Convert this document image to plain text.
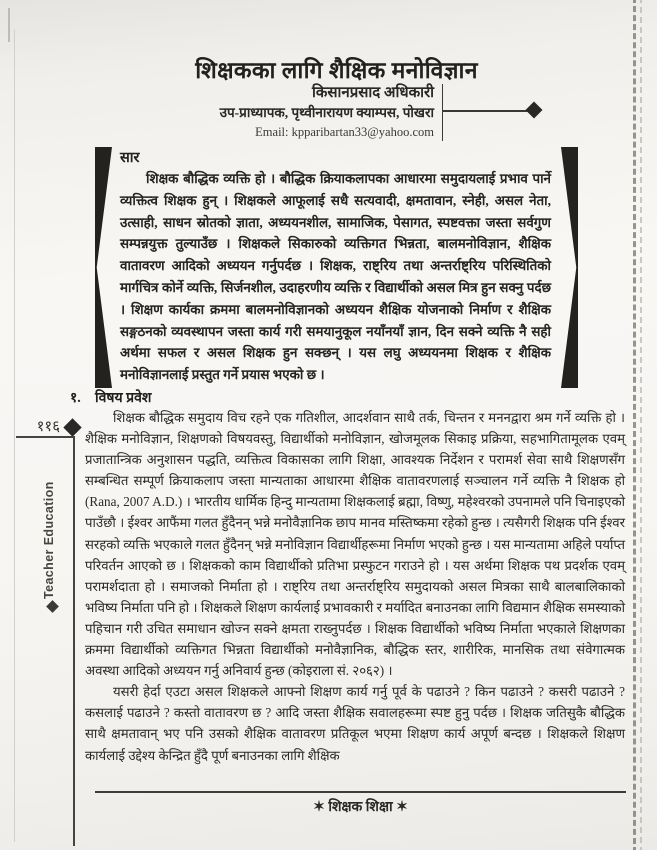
शिक्षकका लागि शैक्षिक मनोविज्ञान
किसानप्रसाद अधिकारी
उप-प्राध्यापक, पृथ्वीनारायण क्याम्पस, पोखरा
Email: kpparibartan33@yahoo.com
सार

शिक्षक बौद्धिक व्यक्ति हो । बौद्धिक क्रियाकलापका आधारमा समुदायलाई प्रभाव पार्ने व्यक्तित्व शिक्षक हुन् । शिक्षकले आफूलाई सधै सत्यवादी, क्षमतावान, स्नेही, असल नेता, उत्साही, साधन स्रोतको ज्ञाता, अध्ययनशील, सामाजिक, पेसागत, स्पष्टवक्ता जस्ता सर्वगुण सम्पन्नयुक्त तुल्याउँछ । शिक्षकले सिकारुको व्यक्तिगत भिन्नता, बालमनोविज्ञान, शैक्षिक वातावरण आदिको अध्ययन गर्नुपर्दछ । शिक्षक, राष्ट्रिय तथा अन्तर्राष्ट्रिय परिस्थितिको मार्गचित्र कोर्ने व्यक्ति, सिर्जनशील, उदाहरणीय व्यक्ति र विद्यार्थीको असल मित्र हुन सक्नु पर्दछ । शिक्षण कार्यका क्रममा बालमनोविज्ञानको अध्ययन शैक्षिक योजनाको निर्माण र शैक्षिक सङ्गठनको व्यवस्थापन जस्ता कार्य गरी समयानुकूल नयाँनयाँ ज्ञान, दिन सक्ने व्यक्ति नै सही अर्थमा सफल र असल शिक्षक हुन सक्छन् । यस लघु अध्ययनमा शिक्षक र शैक्षिक मनोविज्ञानलाई प्रस्तुत गर्ने प्रयास भएको छ ।

१.	विषय प्रवेश

शिक्षक बौद्धिक समुदाय विच रहने एक गतिशील, आदर्शवान साथै तर्क, चिन्तन र मननद्वारा श्रम गर्ने व्यक्ति हो । शैक्षिक मनोविज्ञान, शिक्षणको विषयवस्तु, विद्यार्थीको मनोविज्ञान, खोजमूलक सिकाइ प्रक्रिया, सहभागितामूलक एवम् प्रजातान्त्रिक अनुशासन पद्धति, व्यक्तित्व विकासका लागि शिक्षा, आवश्यक निर्देशन र परामर्श सेवा साथै शिक्षणसँग सम्बन्धित सम्पूर्ण क्रियाकलाप जस्ता मान्यताका आधारमा शैक्षिक वातावरणलाई सञ्चालन गर्ने व्यक्ति नै शिक्षक हो (Rana, 2007 A.D.) । भारतीय धार्मिक हिन्दु मान्यतामा शिक्षकलाई ब्रह्मा, विष्णु, महेश्वरको उपनामले पनि चिनाइएको पाउँछौ । ईश्वर आफैंमा गलत हुँदैनन् भन्ने मनोवैज्ञानिक छाप मानव मस्तिष्कमा रहेको हुन्छ । त्यसैगरी शिक्षक पनि ईश्वर सरहको व्यक्ति भएकाले गलत हुँदैनन् भन्ने मनोविज्ञान विद्यार्थीहरूमा निर्माण भएको हुन्छ । यस मान्यतामा अहिले पर्याप्त परिवर्तन आएको छ । शिक्षकको काम विद्यार्थीको प्रतिभा प्रस्फुटन गराउने हो । यस अर्थमा शिक्षक पथ प्रदर्शक एवम् परामर्शदाता हो । समाजको निर्माता हो । राष्ट्रिय तथा अन्तर्राष्ट्रिय समुदायको असल मित्रका साथै बालबालिकाको भविष्य निर्माता पनि हो । शिक्षकले शिक्षण कार्यलाई प्रभावकारी र मर्यादित बनाउनका लागि विद्यमान शैक्षिक समस्याको पहिचान गरी उचित समाधान खोज्न सक्ने क्षमता राख्नुपर्दछ । शिक्षक विद्यार्थीको भविष्य निर्माता भएकाले शिक्षणका क्रममा विद्यार्थीको व्यक्तिगत भिन्नता विद्यार्थीको मनोवैज्ञानिक, बौद्धिक स्तर, शारीरिक, मानसिक तथा संवेगात्मक अवस्था आदिको अध्ययन गर्नु अनिवार्य हुन्छ (कोइराला सं. २०६२) ।

यसरी हेर्दा एउटा असल शिक्षकले आफ्नो शिक्षण कार्य गर्नु पूर्व के पढाउने ? किन पढाउने ? कसरी पढाउने ? कसलाई पढाउने ? कस्तो वातावरण छ ? आदि जस्ता शैक्षिक सवालहरूमा स्पष्ट हुनु पर्दछ । शिक्षक जतिसुकै बौद्धिक साथै क्षमतावान् भए पनि उसको शैक्षिक वातावरण प्रतिकूल भएमा शिक्षण कार्य अपूर्ण बन्दछ । शिक्षकले शिक्षण कार्यलाई उद्देश्य केन्द्रित हुँदै पूर्ण बनाउनका लागि शैक्षिक

११६
Teacher Education
✶ शिक्षक शिक्षा ✶
